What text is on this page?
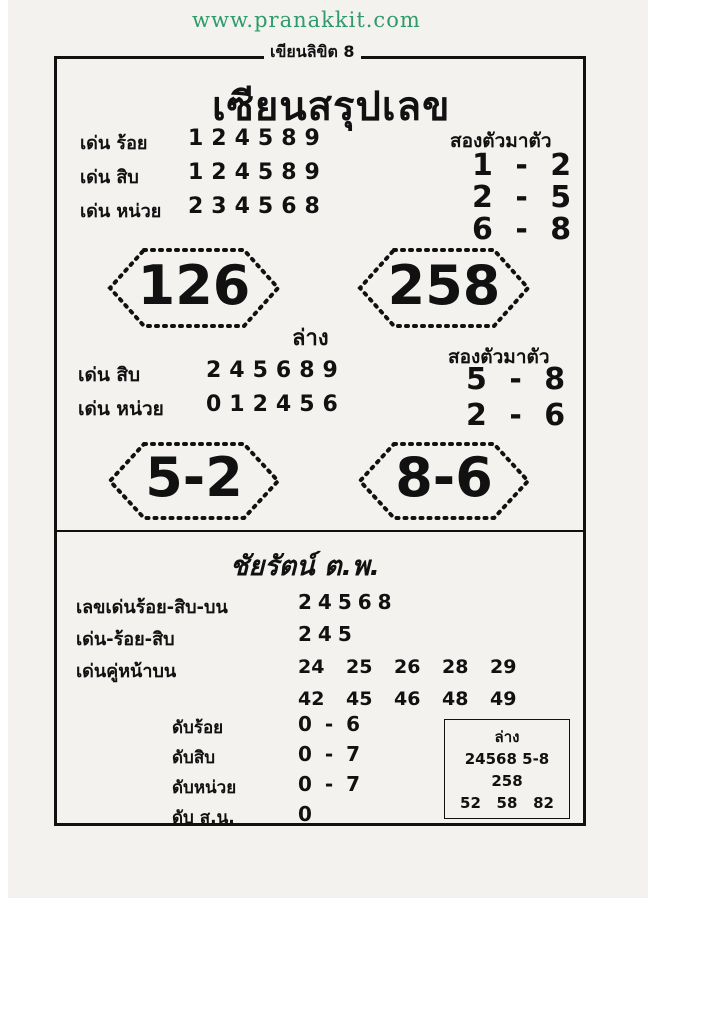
www.pranakkit.com
เขียนลิขิต 8
เซียนสรุปเลข
เด่น ร้อย 124589
เด่น สิบ 124589
เด่น หน่วย 234568
สองตัวมาตัว
1 - 2
2 - 5
6 - 8
126	258
ล่าง
เด่น สิบ	245689
เด่น หน่วย 012456
สองตัวมาตัว
5 - 8
2 - 6
5-2	8-6
ชัยรัตน์ ต.พ.
เลขเด่นร้อย-สิบ-บน	24568
เด่น-ร้อย-สิบ	245
เด่นคู่หน้าบน	24 25 26 28 29
42 45 46 48 49
ดับร้อย	0 - 6
ดับสิบ	0 - 7
ดับหน่วย	0 - 7
ดับ ส.น.	0
ล่าง
24568 5-8
258
52   58   82
